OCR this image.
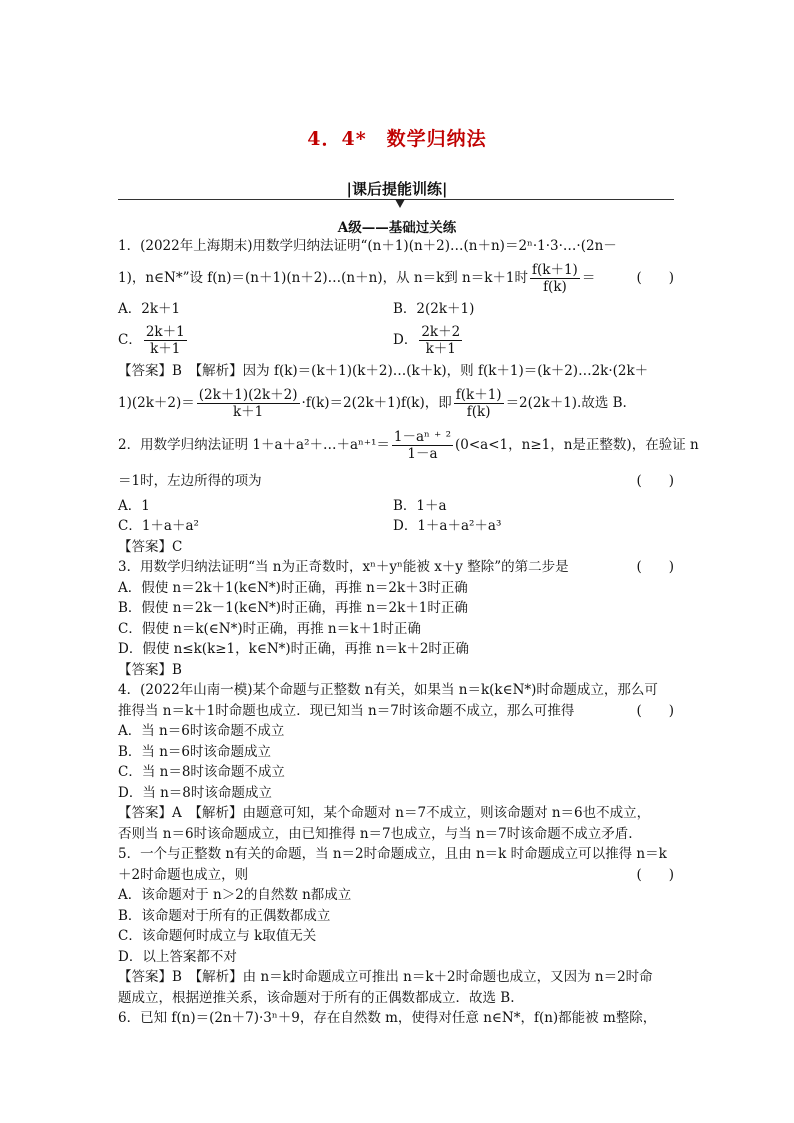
4．4*　数学归纳法
|课后提能训练|
A级——基础过关练
1．(2022年上海期末)用数学归纳法证明“(n＋1)(n＋2)…(n＋n)＝2ⁿ·1·3·…·(2n－
1)，n∈N*”设 f(n)＝(n＋1)(n＋2)…(n＋n)，从 n＝k到 n＝k＋1时 $\frac{f(k+1)}{f(k)}$ ＝	(　　)
A．2k＋1	B．2(2k＋1)
C． $\frac{2k+1}{k+1}$	D． $\frac{2k+2}{k+1}$
【答案】B　【解析】因为 f(k)＝(k＋1)(k＋2)…(k＋k)，则 f(k＋1)＝(k＋2)…2k·(2k＋
$1)(2k+2)= \frac{(2k+1)(2k+2)}{k+1} \cdot f(k)=2(2k+1)f(k)$，即 $\frac{f(k+1)}{f(k)} =2(2k+1)$.故选 B.
2．用数学归纳法证明 1＋a＋a²＋…＋aⁿ⁺¹＝ $\frac{\text{1－aⁿ ⁺ ²}}{1-a} (0<a<1$，n≥1，n是正整数)，在验证 n
＝1时，左边所得的项为	(　　)
A．1	B．1＋a
C．1＋a＋a²	D．1＋a＋a²＋a³
【答案】C
3．用数学归纳法证明“当 n为正奇数时，xⁿ＋yⁿ能被 x＋y 整除”的第二步是	(　　)
A．假使 n＝2k＋1(k∈N*)时正确，再推 n＝2k＋3时正确
B．假使 n＝2k－1(k∈N*)时正确，再推 n＝2k＋1时正确
C．假使 n＝k(∈N*)时正确，再推 n＝k＋1时正确
D．假使 n≤k(k≥1，k∈N*)时正确，再推 n＝k＋2时正确
【答案】B
4．(2022年山南一模)某个命题与正整数 n有关，如果当 n＝k(k∈N*)时命题成立，那么可
推得当 n＝k＋1时命题也成立．现已知当 n＝7时该命题不成立，那么可推得	(　　)
A．当 n＝6时该命题不成立
B．当 n＝6时该命题成立
C．当 n＝8时该命题不成立
D．当 n＝8时该命题成立
【答案】A　【解析】由题意可知，某个命题对 n＝7不成立，则该命题对 n＝6也不成立，
否则当 n＝6时该命题成立，由已知推得 n＝7也成立，与当 n＝7时该命题不成立矛盾.
5．一个与正整数 n有关的命题，当 n＝2时命题成立，且由 n＝k 时命题成立可以推得 n＝k
＋2时命题也成立，则	(　　)
A．该命题对于 n＞2的自然数 n都成立
B．该命题对于所有的正偶数都成立
C．该命题何时成立与 k取值无关
D．以上答案都不对
【答案】B　【解析】由 n＝k时命题成立可推出 n＝k＋2时命题也成立，又因为 n＝2时命
题成立，根据逆推关系，该命题对于所有的正偶数都成立．故选 B.
6．已知 f(n)＝(2n＋7)·3ⁿ＋9，存在自然数 m，使得对任意 n∈N*，f(n)都能被 m整除，
